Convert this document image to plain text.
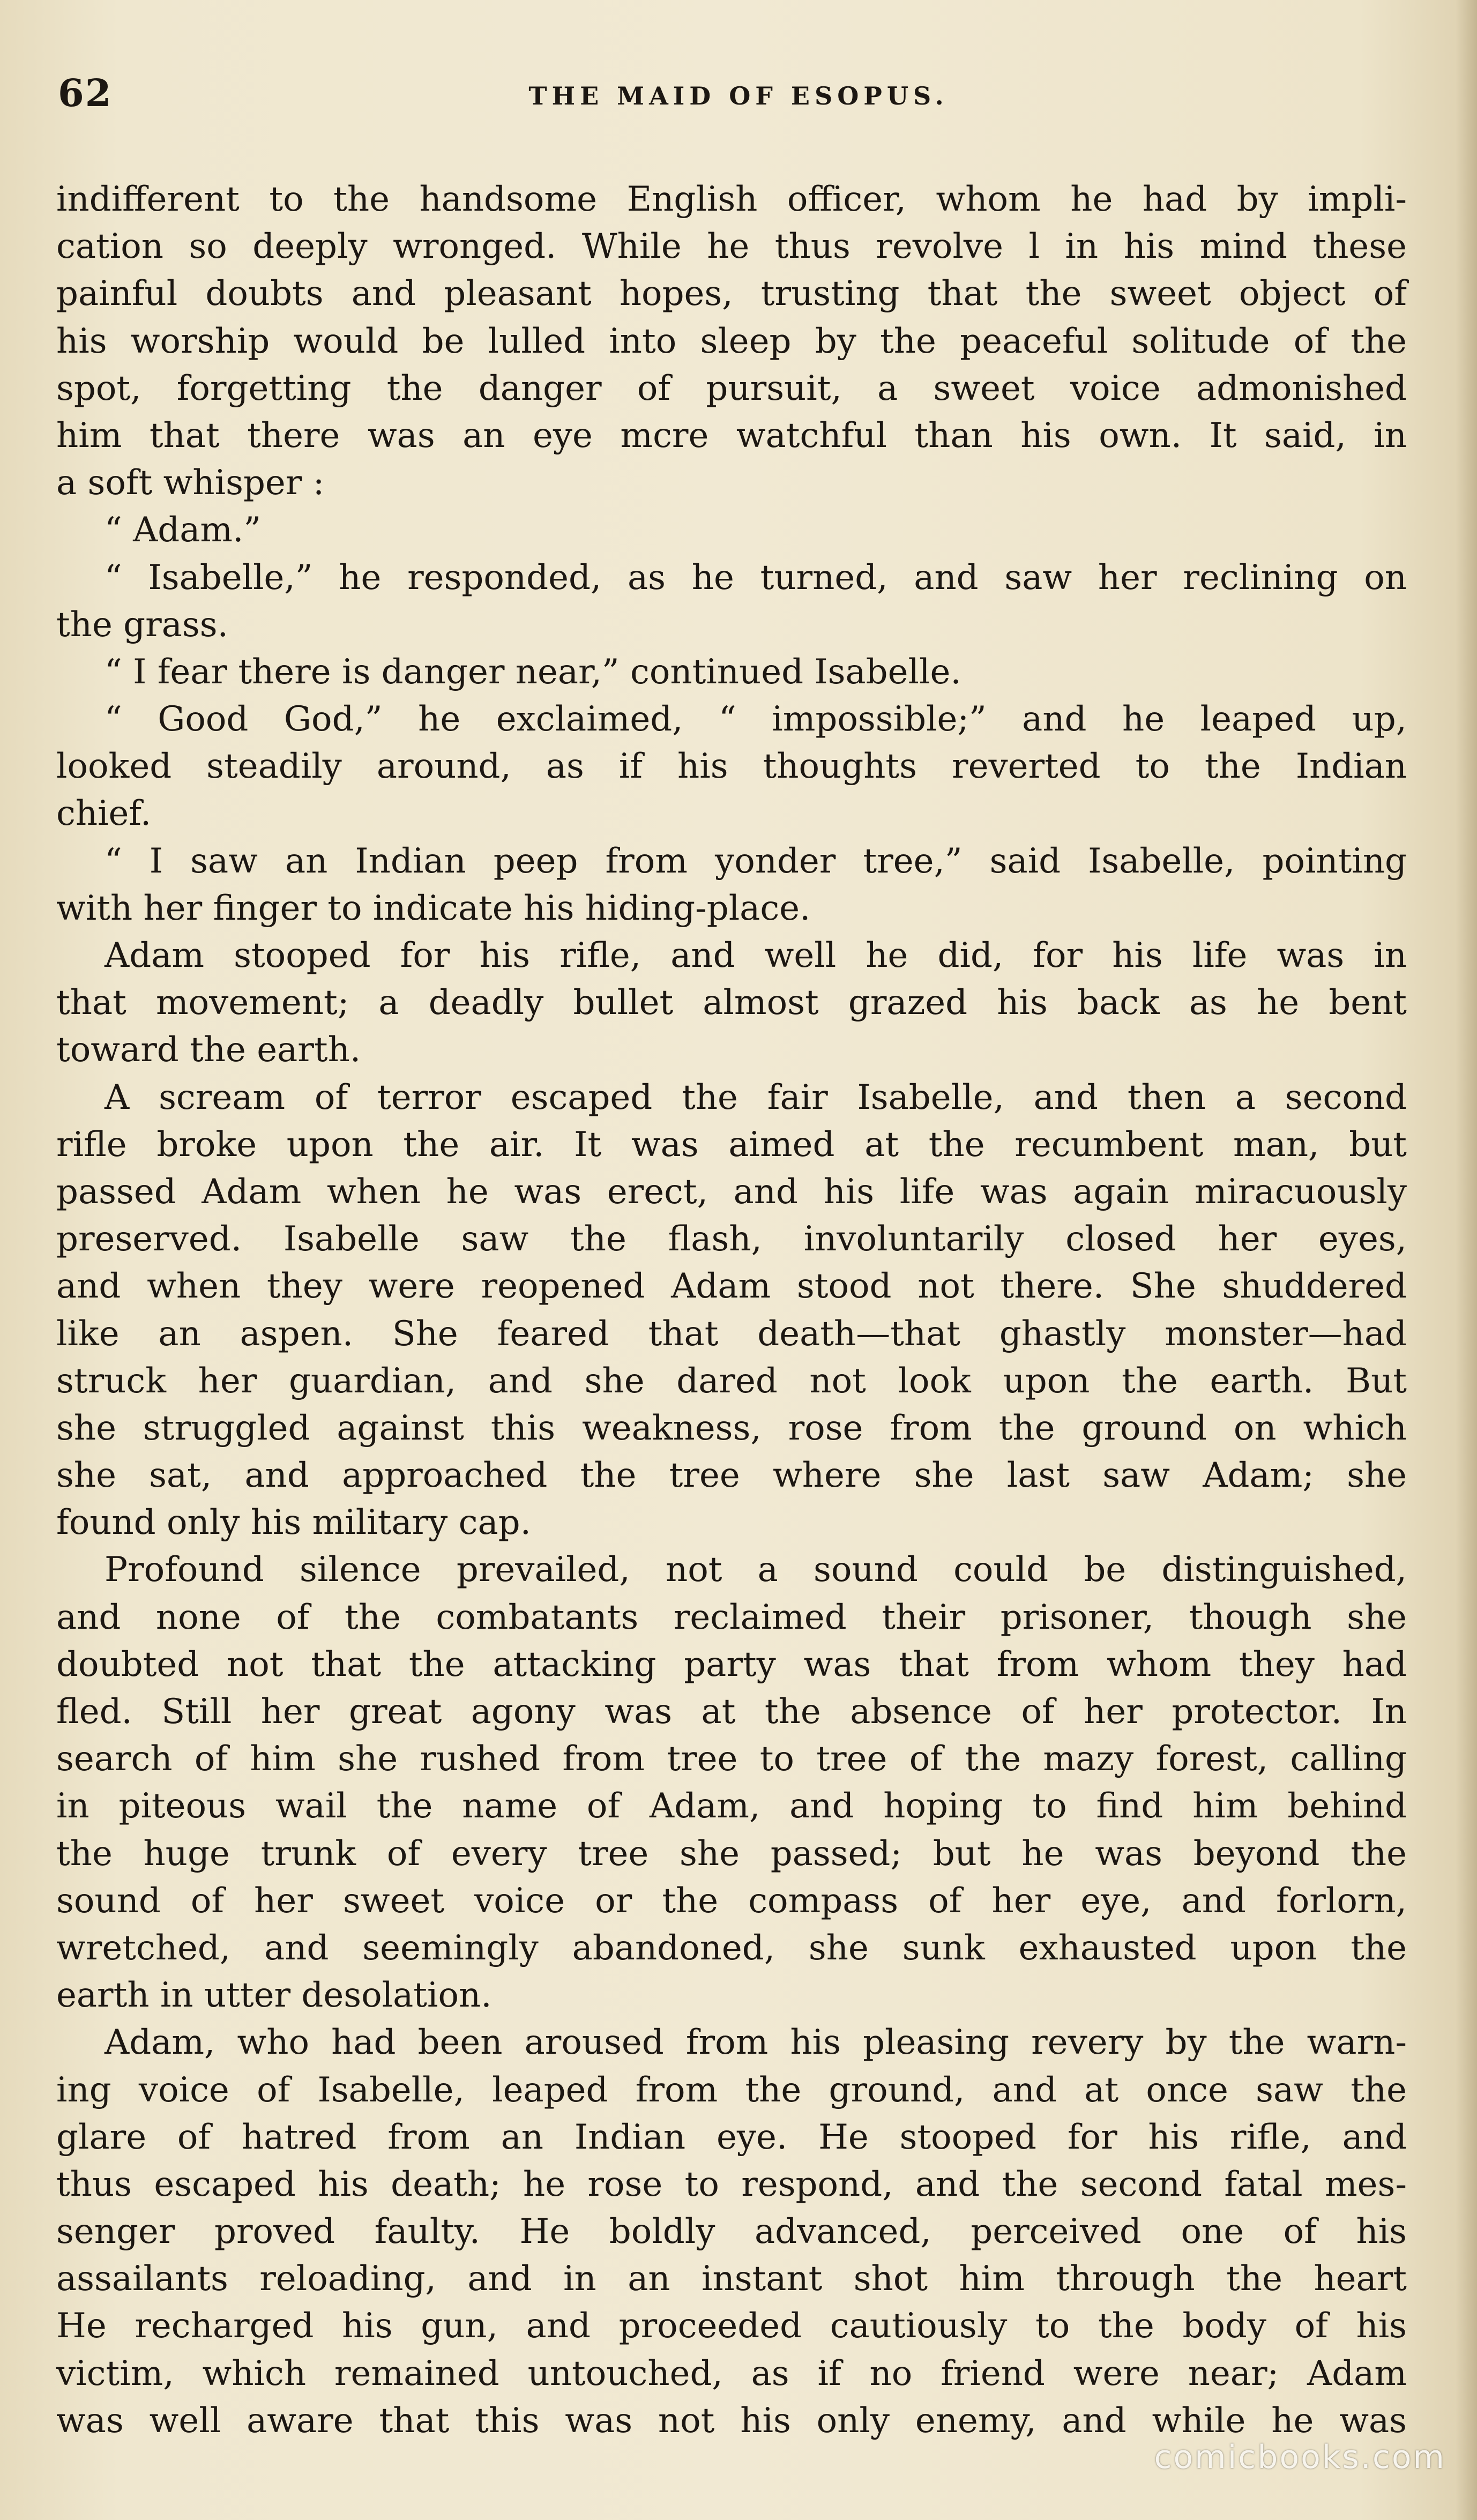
62	THE MAID OF ESOPUS.
indifferent to the handsome English officer, whom he had by impli-
cation so deeply wronged. While he thus revolve l in his mind these
painful doubts and pleasant hopes, trusting that the sweet object of
his worship would be lulled into sleep by the peaceful solitude of the
spot, forgetting the danger of pursuit, a sweet voice admonished
him that there was an eye mcre watchful than his own. It said, in
a soft whisper :
“ Adam.”
“ Isabelle,” he responded, as he turned, and saw her reclining on
the grass.
“ I fear there is danger near,” continued Isabelle.
“ Good God,” he exclaimed, “ impossible;” and he leaped up,
looked steadily around, as if his thoughts reverted to the Indian
chief.
“ I saw an Indian peep from yonder tree,” said Isabelle, pointing
with her finger to indicate his hiding-place.
Adam stooped for his rifle, and well he did, for his life was in
that movement; a deadly bullet almost grazed his back as he bent
toward the earth.
A scream of terror escaped the fair Isabelle, and then a second
rifle broke upon the air. It was aimed at the recumbent man, but
passed Adam when he was erect, and his life was again miracuously
preserved. Isabelle saw the flash, involuntarily closed her eyes,
and when they were reopened Adam stood not there. She shuddered
like an aspen. She feared that death—that ghastly monster—had
struck her guardian, and she dared not look upon the earth. But
she struggled against this weakness, rose from the ground on which
she sat, and approached the tree where she last saw Adam; she
found only his military cap.
Profound silence prevailed, not a sound could be distinguished,
and none of the combatants reclaimed their prisoner, though she
doubted not that the attacking party was that from whom they had
fled. Still her great agony was at the absence of her protector. In
search of him she rushed from tree to tree of the mazy forest, calling
in piteous wail the name of Adam, and hoping to find him behind
the huge trunk of every tree she passed; but he was beyond the
sound of her sweet voice or the compass of her eye, and forlorn,
wretched, and seemingly abandoned, she sunk exhausted upon the
earth in utter desolation.
Adam, who had been aroused from his pleasing revery by the warn-
ing voice of Isabelle, leaped from the ground, and at once saw the
glare of hatred from an Indian eye. He stooped for his rifle, and
thus escaped his death; he rose to respond, and the second fatal mes-
senger proved faulty. He boldly advanced, perceived one of his
assailants reloading, and in an instant shot him through the heart
He recharged his gun, and proceeded cautiously to the body of his
victim, which remained untouched, as if no friend were near; Adam
was well aware that this was not his only enemy, and while he was
comicbooks.com
